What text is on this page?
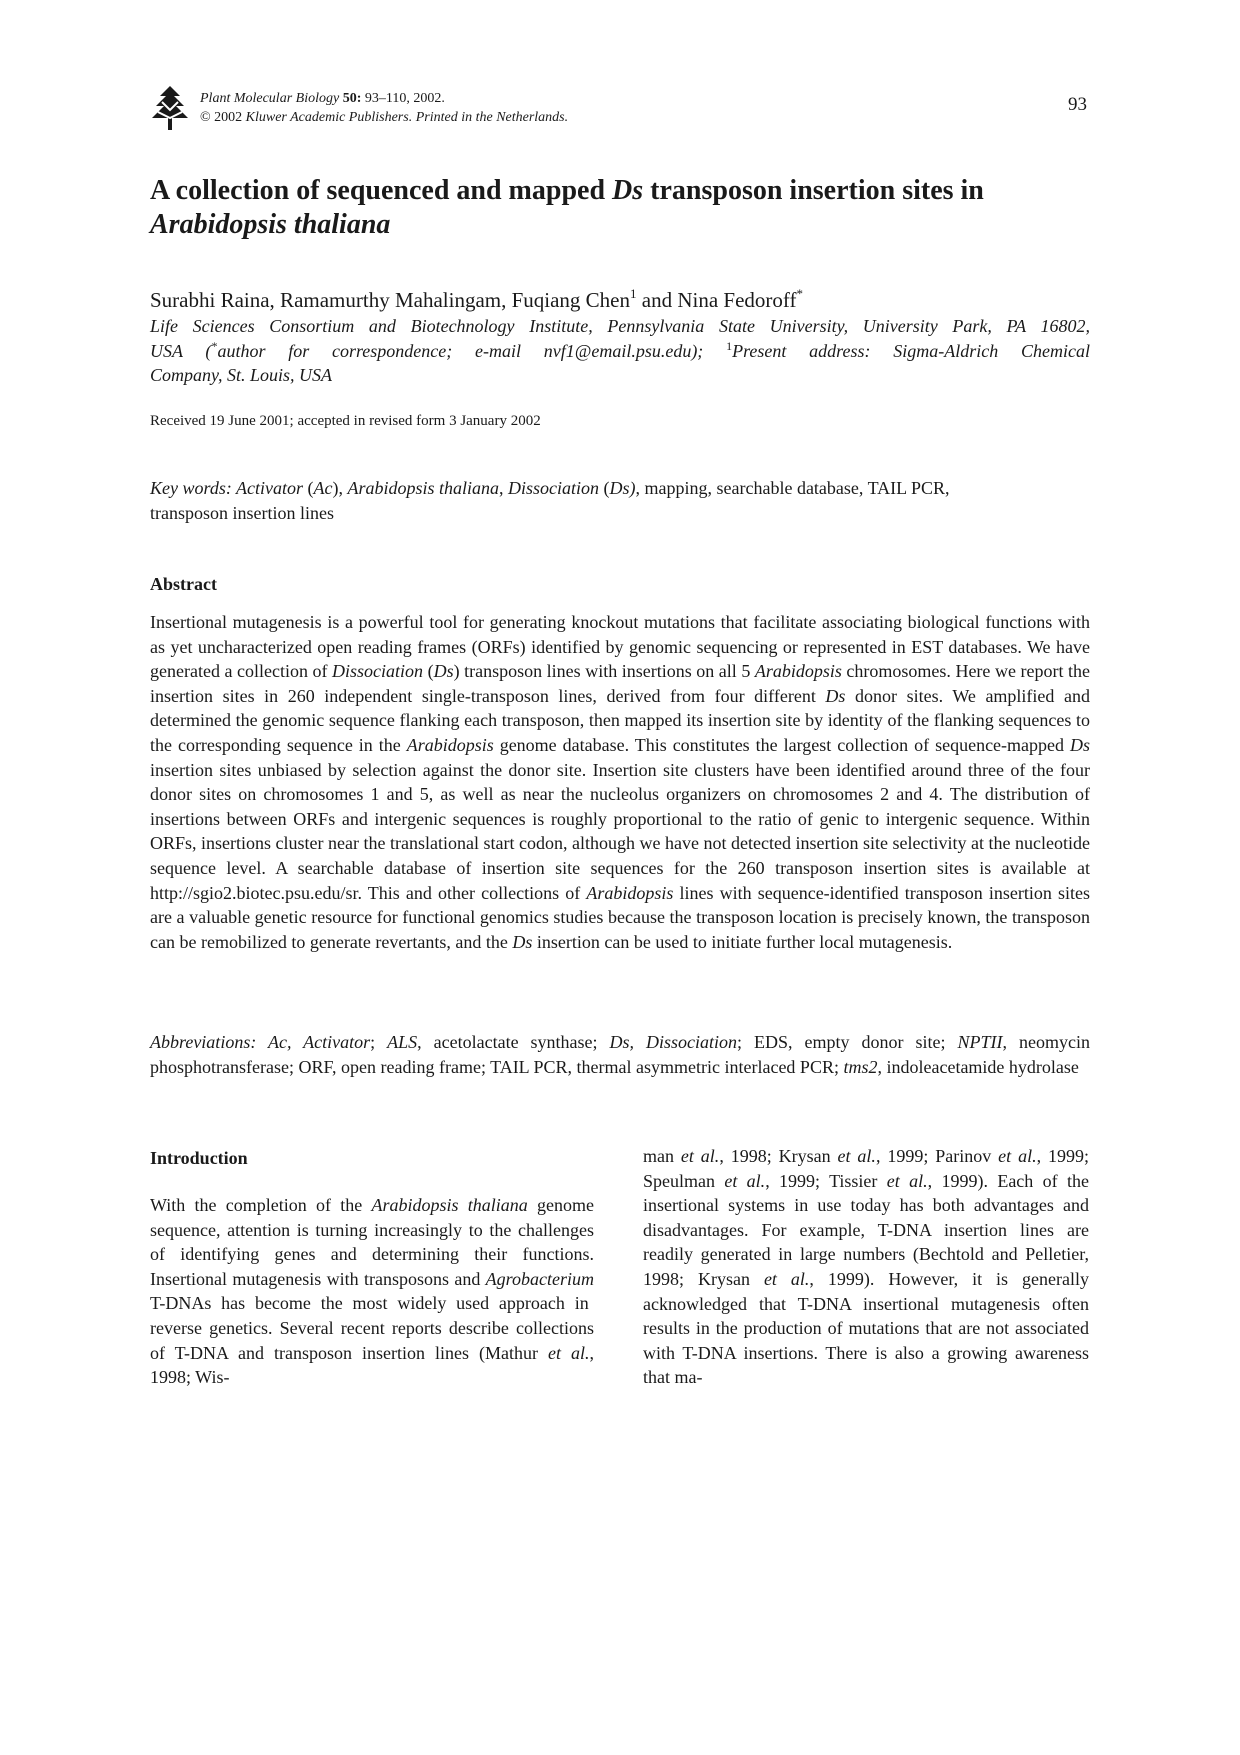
Plant Molecular Biology 50: 93–110, 2002.
© 2002 Kluwer Academic Publishers. Printed in the Netherlands.
93
A collection of sequenced and mapped Ds transposon insertion sites in
Arabidopsis thaliana
Surabhi Raina, Ramamurthy Mahalingam, Fuqiang Chen$^1$ and Nina Fedoroff*
Life Sciences Consortium and Biotechnology Institute, Pennsylvania State University, University Park, PA 16802,
USA (*author for correspondence; e-mail nvf1@email.psu.edu); $^1$Present address: Sigma-Aldrich Chemical
Company, St. Louis, USA
Received 19 June 2001; accepted in revised form 3 January 2002
Key words: Activator (Ac), Arabidopsis thaliana, Dissociation (Ds), mapping, searchable database, TAIL PCR,
transposon insertion lines
Abstract

Insertional mutagenesis is a powerful tool for generating knockout mutations that facilitate associating biological functions with as yet uncharacterized open reading frames (ORFs) identified by genomic sequencing or represented in EST databases. We have generated a collection of Dissociation (Ds) transposon lines with insertions on all 5 Arabidopsis chromosomes. Here we report the insertion sites in 260 independent single-transposon lines, derived from four different Ds donor sites. We amplified and determined the genomic sequence flanking each transposon, then mapped its insertion site by identity of the flanking sequences to the corresponding sequence in the Arabidopsis genome database. This constitutes the largest collection of sequence-mapped Ds insertion sites unbiased by selection against the donor site. Insertion site clusters have been identified around three of the four donor sites on chromosomes 1 and 5, as well as near the nucleolus organizers on chromosomes 2 and 4. The distribution of insertions between ORFs and intergenic sequences is roughly proportional to the ratio of genic to intergenic sequence. Within ORFs, insertions cluster near the translational start codon, although we have not detected insertion site selectivity at the nucleotide sequence level. A searchable database of insertion site sequences for the 260 transposon insertion sites is available at http://sgio2.biotec.psu.edu/sr. This and other collections of Arabidopsis lines with sequence-identified transposon insertion sites are a valuable genetic resource for functional genomics studies because the transposon location is precisely known, the transposon can be remobilized to generate revertants, and the Ds insertion can be used to initiate further local mutagenesis.

Abbreviations: Ac, Activator; ALS, acetolactate synthase; Ds, Dissociation; EDS, empty donor site; NPTII, neomycin phosphotransferase; ORF, open reading frame; TAIL PCR, thermal asymmetric interlaced PCR; tms2, indoleacetamide hydrolase
Introduction

With the completion of the Arabidopsis thaliana genome sequence, attention is turning increasingly to the challenges of identifying genes and determining their functions. Insertional mutagenesis with transposons and Agrobacterium T-DNAs has become the most widely used approach in reverse genetics. Several recent reports describe collections of T-DNA and transposon insertion lines (Mathur et al., 1998; Wis-

man et al., 1998; Krysan et al., 1999; Parinov et al., 1999; Speulman et al., 1999; Tissier et al., 1999). Each of the insertional systems in use today has both advantages and disadvantages. For example, T-DNA insertion lines are readily generated in large numbers (Bechtold and Pelletier, 1998; Krysan et al., 1999). However, it is generally acknowledged that T-DNA insertional mutagenesis often results in the production of mutations that are not associated with T-DNA insertions. There is also a growing awareness that ma-
